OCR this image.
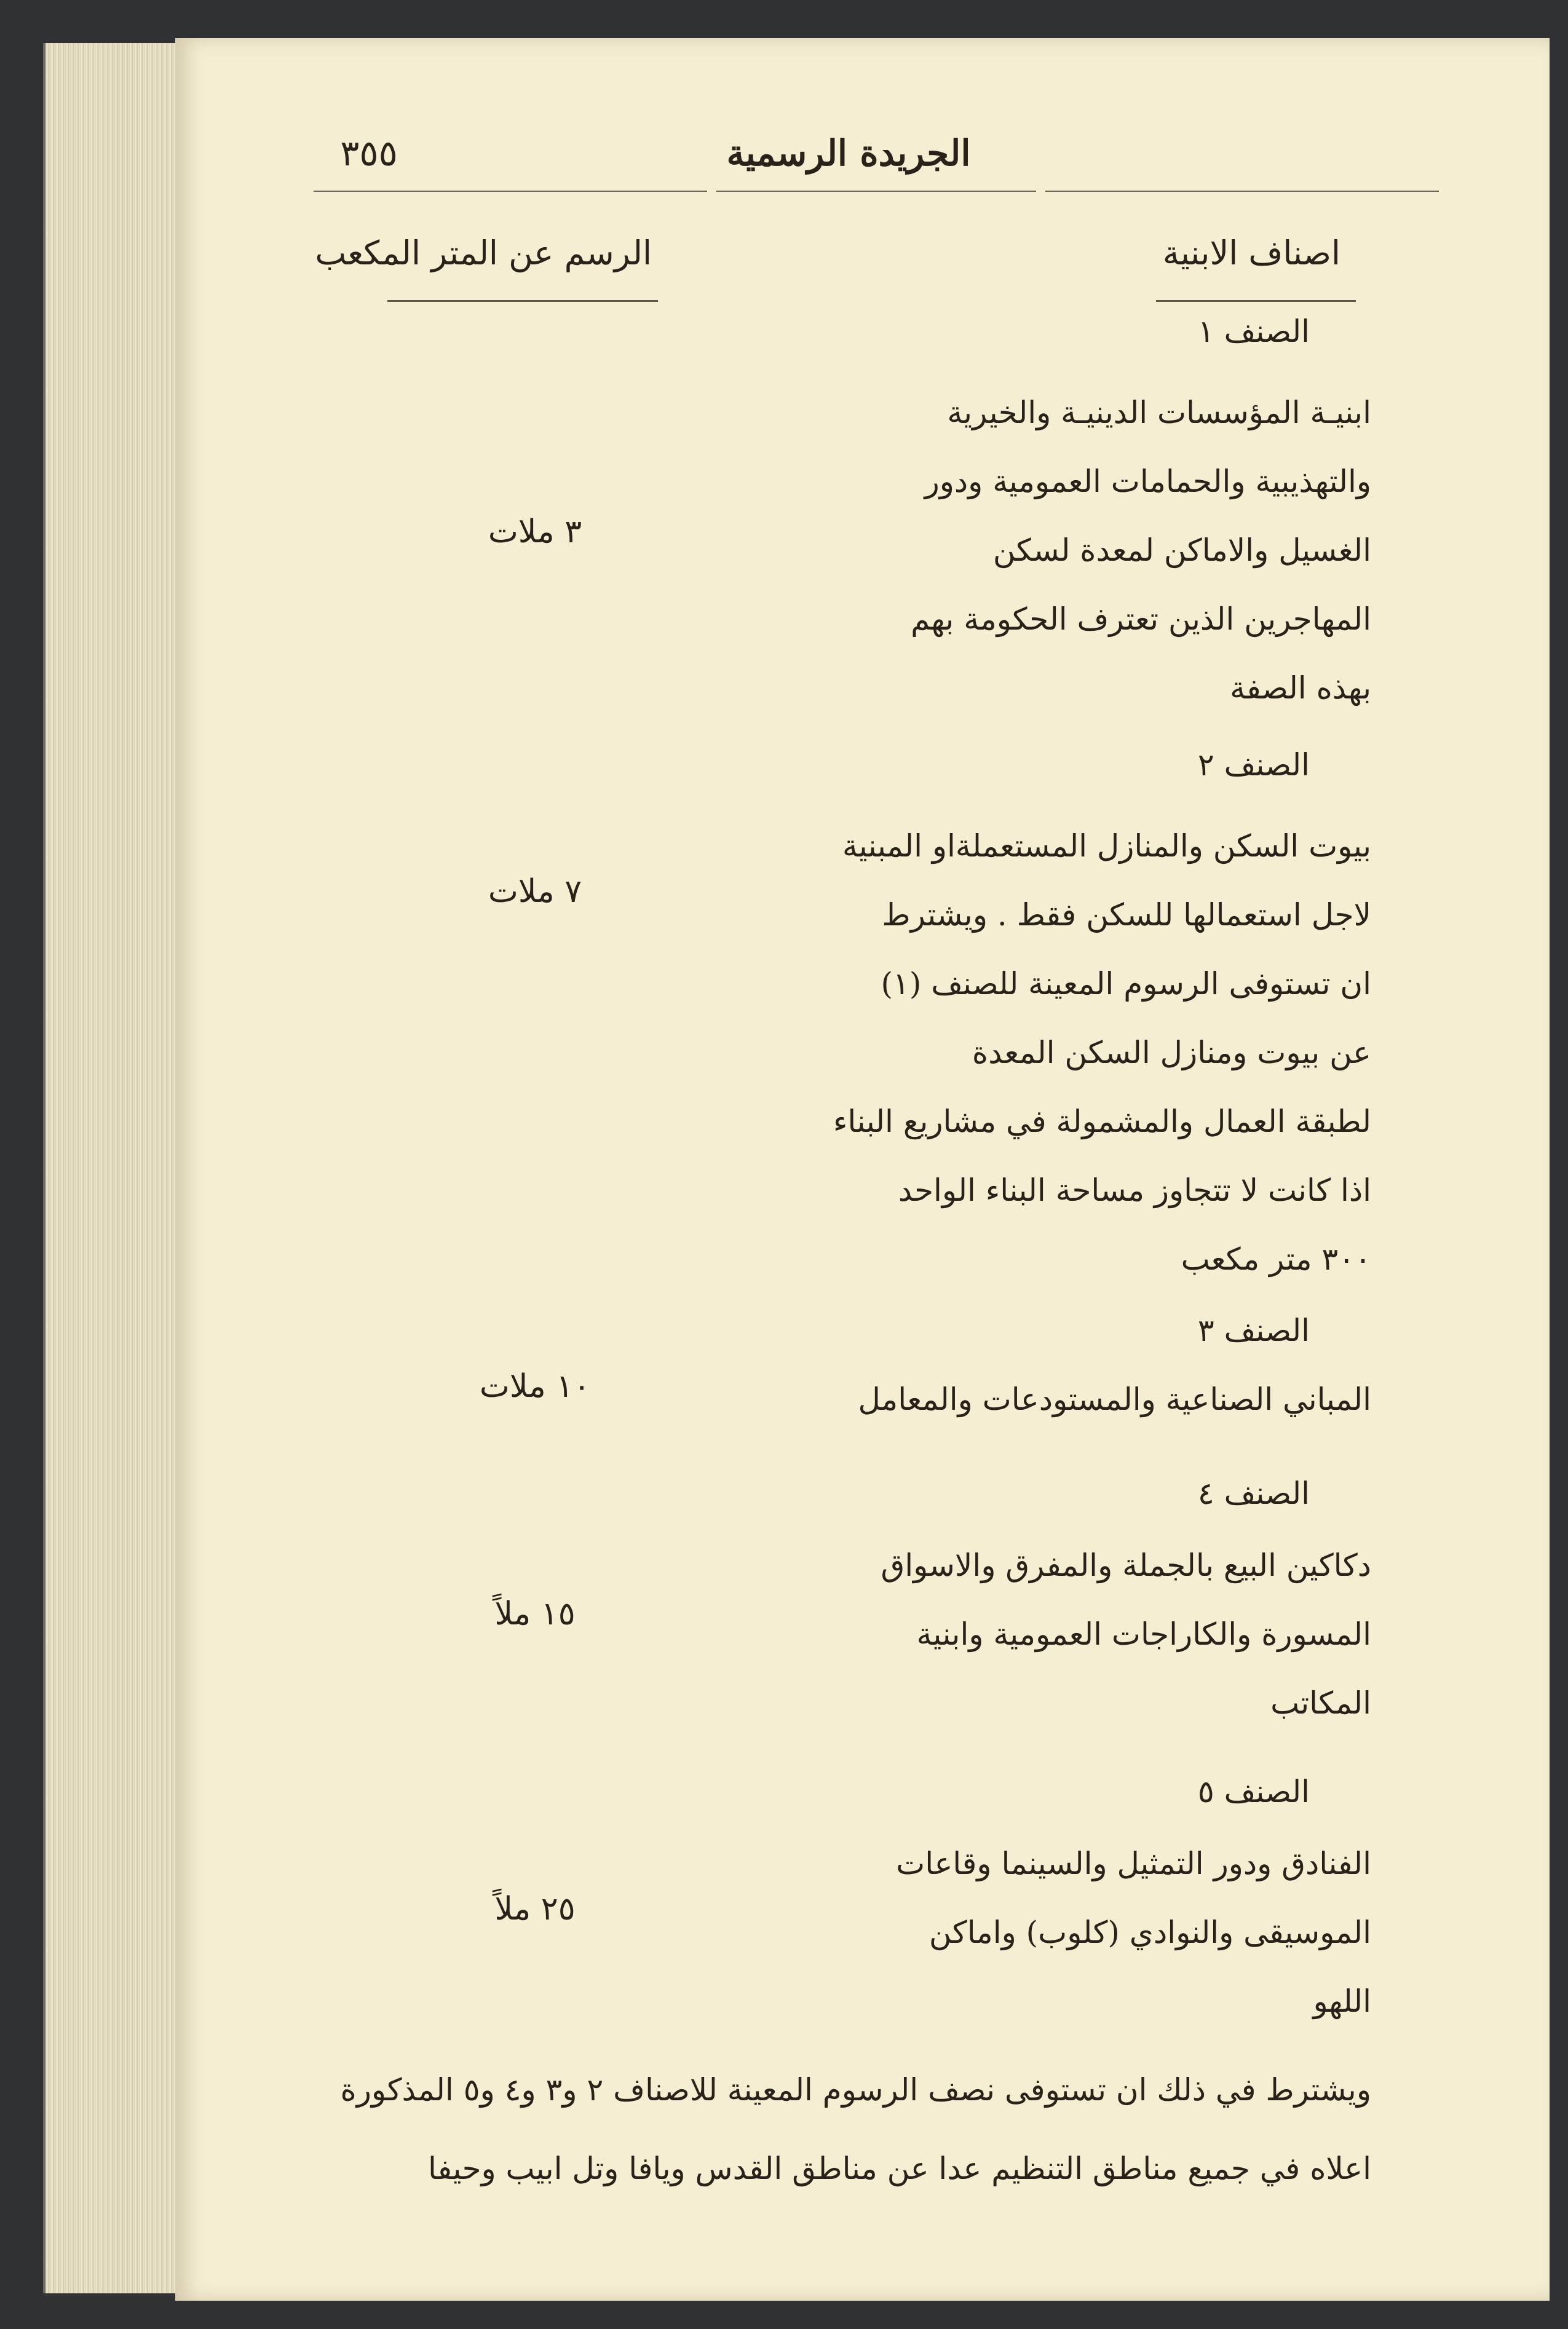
الجريدة الرسمية
٣٥٥
اصناف الابنية
الرسم عن المتر المكعب
الصنف ١
ابنيـة المؤسسات الدينيـة والخيرية
والتهذيبية والحمامات العمومية ودور
الغسيل والاماكن لمعدة لسكن
المهاجرين الذين تعترف الحكومة بهم
بهذه الصفة
٣ ملات
الصنف ٢
بيوت السكن والمنازل المستعملةاو المبنية
لاجل استعمالها للسكن فقط . ويشترط
ان تستوفى الرسوم المعينة للصنف (١)
عن بيوت ومنازل السكن المعدة
لطبقة العمال والمشمولة في مشاريع البناء
اذا كانت لا تتجاوز مساحة البناء الواحد
٣٠٠ متر مكعب
٧ ملات
الصنف ٣
المباني الصناعية والمستودعات والمعامل
١٠ ملات
الصنف ٤
دكاكين البيع بالجملة والمفرق والاسواق
المسورة والكاراجات العمومية وابنية
المكاتب
١٥ ملاً
الصنف ٥
الفنادق ودور التمثيل والسينما وقاعات
الموسيقى والنوادي (كلوب) واماكن
اللهو
٢٥ ملاً
ويشترط في ذلك ان تستوفى نصف الرسوم المعينة للاصناف ٢ و٣ و٤ و٥ المذكورة
اعلاه في جميع مناطق التنظيم عدا عن مناطق القدس ويافا وتل ابيب وحيفا
